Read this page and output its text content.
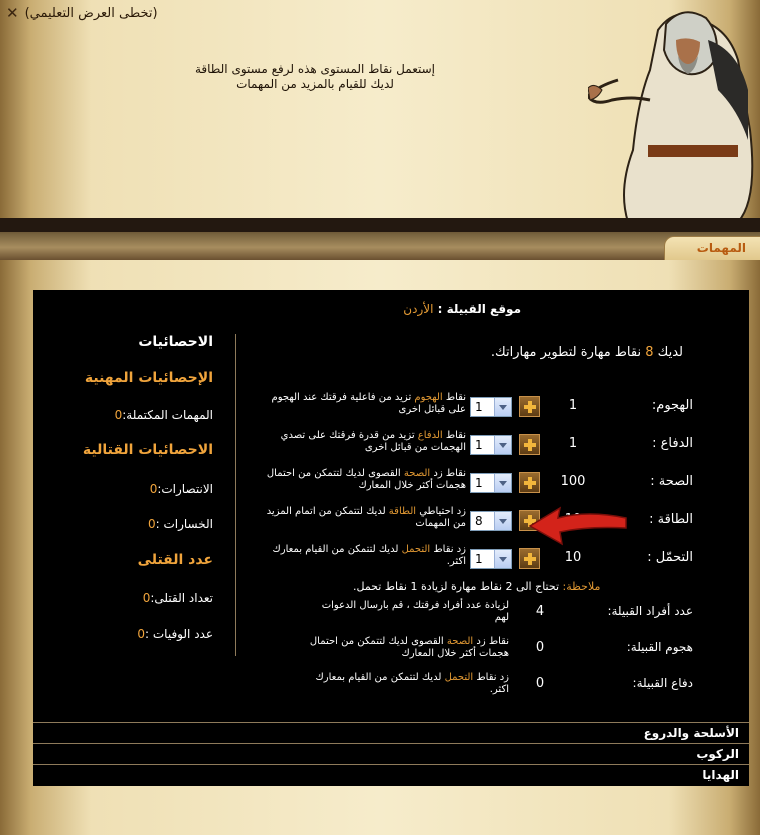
✕ (تخطى العرض التعليمي)
إستعمل نقاط المستوى هذه لرفع مستوى الطاقة لديك للقيام بالمزيد من المهمات
المهمات
موقع القبيلة : الأردن
الاحصائيات
الإحصائيات المهنية
المهمات المكتملة:0
الاحصائيات القتالية
الانتصارات:0
الخسارات :0
عدد القتلى
تعداد القتلى:0
عدد الوفيات :0
لديك 8 نقاط مهارة لتطوير مهاراتك.
الهجوم:
1
1
نقاط الهجوم تزيد من فاعلية فرقتك عند الهجوم على قبائل اخرى
الدفاع :
1
1
نقاط الدفاع تزيد من قدرة فرقتك على تصدي الهجمات من قبائل اخرى
الصحة :
100
1
نقاط زد الصحة القصوى لديك لتتمكن من احتمال هجمات أكثر خلال المعارك
الطاقة :
8
زد احتياطي الطاقة لديك لتتمكن من اتمام المزيد من المهمات
التحمّل :
10
1
زد نقاط التحمل لديك لتتمكن من القيام بمعارك اكثر.
ملاحظة: تحتاج الى 2 نقاط مهارة لزيادة 1 نقاط تحمل.
عدد أفراد القبيلة:
4
لزيادة عدد أفراد فرقتك ، قم بارسال الدعوات لهم
هجوم القبيلة:
0
نقاط زد الصحة القصوى لديك لتتمكن من احتمال هجمات أكثر خلال المعارك
دفاع القبيلة:
0
زد نقاط التحمل لديك لتتمكن من القيام بمعارك اكثر.
الأسلحة والدروع
الركوب
الهدايا
